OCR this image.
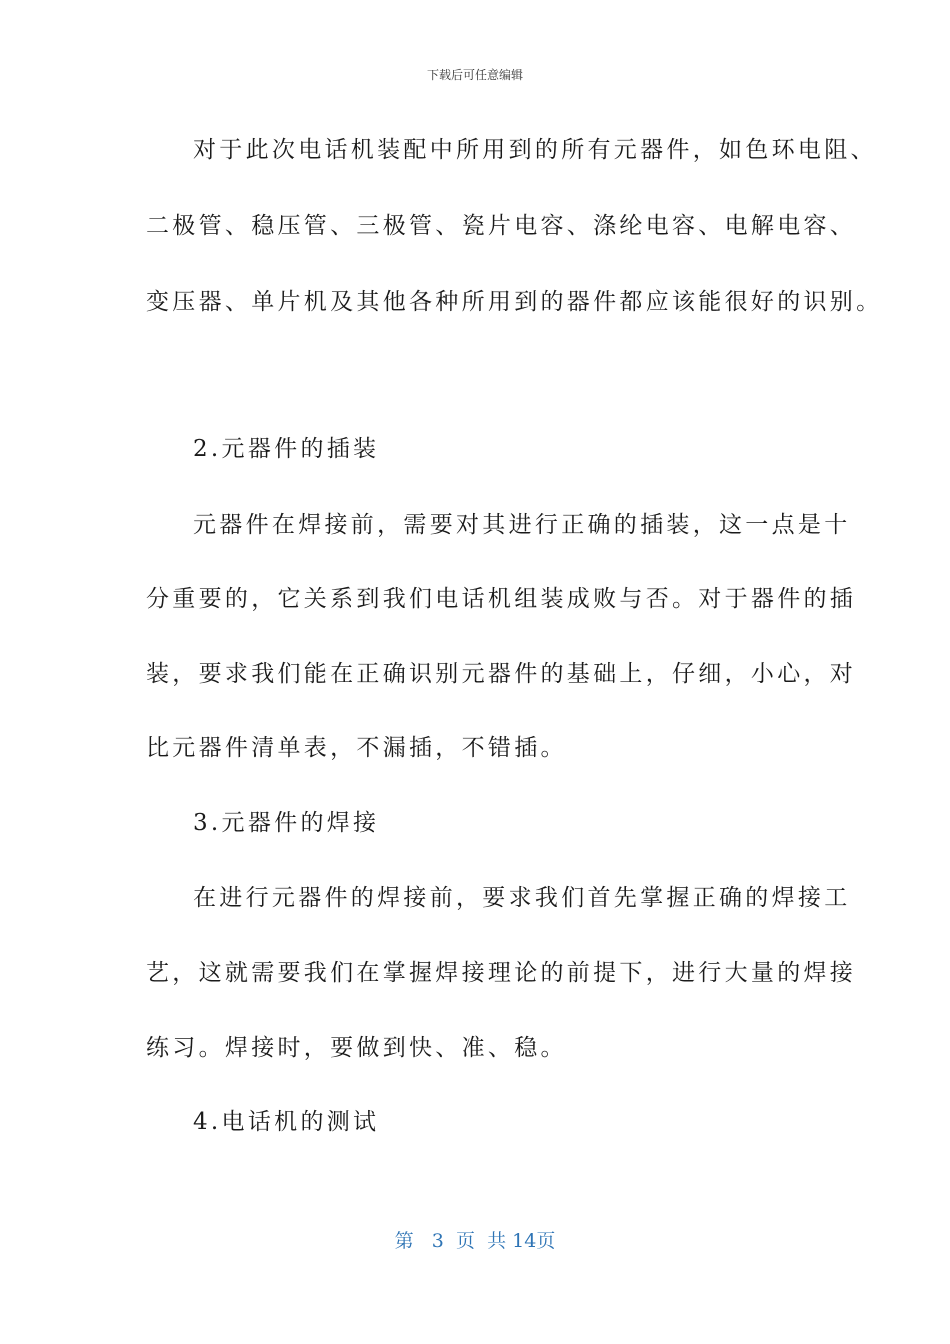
下载后可任意编辑
对于此次电话机装配中所用到的所有元器件，如色环电阻、
二极管、稳压管、三极管、瓷片电容、涤纶电容、电解电容、
变压器、单片机及其他各种所用到的器件都应该能很好的识别。
2.元器件的插装
元器件在焊接前，需要对其进行正确的插装，这一点是十
分重要的，它关系到我们电话机组装成败与否。对于器件的插
装，要求我们能在正确识别元器件的基础上，仔细，小心，对
比元器件清单表，不漏插，不错插。
3.元器件的焊接
在进行元器件的焊接前，要求我们首先掌握正确的焊接工
艺，这就需要我们在掌握焊接理论的前提下，进行大量的焊接
练习。焊接时，要做到快、准、稳。
4.电话机的测试
第 3 页 共 14页
